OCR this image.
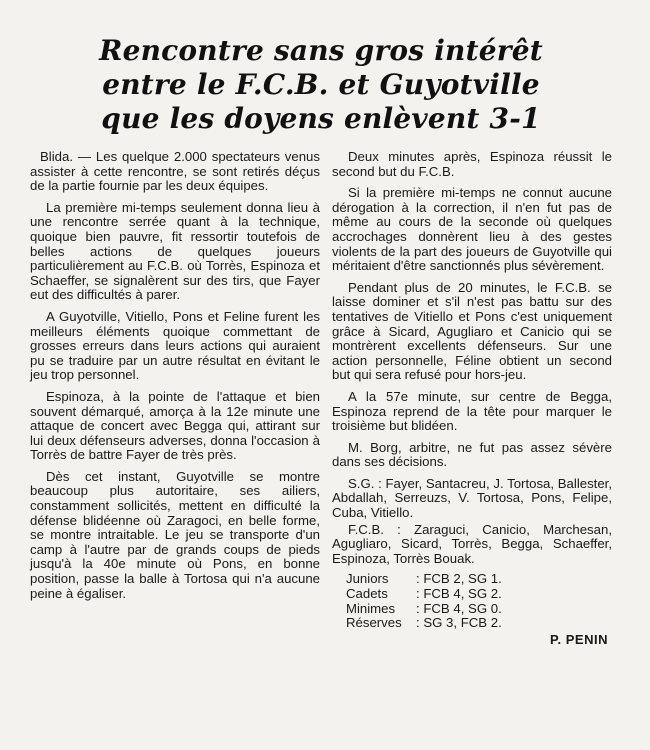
Rencontre sans gros intérêt
entre le F.C.B. et Guyotville
que les doyens enlèvent 3-1

Blida. — Les quelque 2.000 spectateurs venus assister à cette rencontre, se sont retirés déçus de la partie fournie par les deux équipes.

La première mi-temps seulement donna lieu à une rencontre serrée quant à la technique, quoique bien pauvre, fit ressortir toutefois de belles actions de quelques joueurs particulièrement au F.C.B. où Torrès, Espinoza et Schaeffer, se signalèrent sur des tirs, que Fayer eut des difficultés à parer.

A Guyotville, Vitiello, Pons et Feline furent les meilleurs éléments quoique commettant de grosses erreurs dans leurs actions qui auraient pu se traduire par un autre résultat en évitant le jeu trop personnel.

Espinoza, à la pointe de l'attaque et bien souvent démarqué, amorça à la 12e minute une attaque de concert avec Begga qui, attirant sur lui deux défenseurs adverses, donna l'occasion à Torrès de battre Fayer de très près.

Dès cet instant, Guyotville se montre beaucoup plus autoritaire, ses ailiers, constamment sollicités, mettent en difficulté la défense blidéenne où Zaragoci, en belle forme, se montre intraitable. Le jeu se transporte d'un camp à l'autre par de grands coups de pieds jusqu'à la 40e minute où Pons, en bonne position, passe la balle à Tortosa qui n'a aucune peine à égaliser.

Deux minutes après, Espinoza réussit le second but du F.C.B.

Si la première mi-temps ne connut aucune dérogation à la correction, il n'en fut pas de même au cours de la seconde où quelques accrochages donnèrent lieu à des gestes violents de la part des joueurs de Guyotville qui méritaient d'être sanctionnés plus sévèrement.

Pendant plus de 20 minutes, le F.C.B. se laisse dominer et s'il n'est pas battu sur des tentatives de Vitiello et Pons c'est uniquement grâce à Sicard, Agugliaro et Canicio qui se montrèrent excellents défenseurs. Sur une action personnelle, Féline obtient un second but qui sera refusé pour hors-jeu.

A la 57e minute, sur centre de Begga, Espinoza reprend de la tête pour marquer le troisième but blidéen.

M. Borg, arbitre, ne fut pas assez sévère dans ses décisions.

S.G. : Fayer, Santacreu, J. Tortosa, Ballester, Abdallah, Serreuzs, V. Tortosa, Pons, Felipe, Cuba, Vitiello.

F.C.B. : Zaraguci, Canicio, Marchesan, Agugliaro, Sicard, Torrès, Begga, Schaeffer, Espinoza, Torrès Bouak.

Juniors : FCB 2, SG 1.
Cadets : FCB 4, SG 2.
Minimes : FCB 4, SG 0.
Réserves : SG 3, FCB 2.
P. PENIN
